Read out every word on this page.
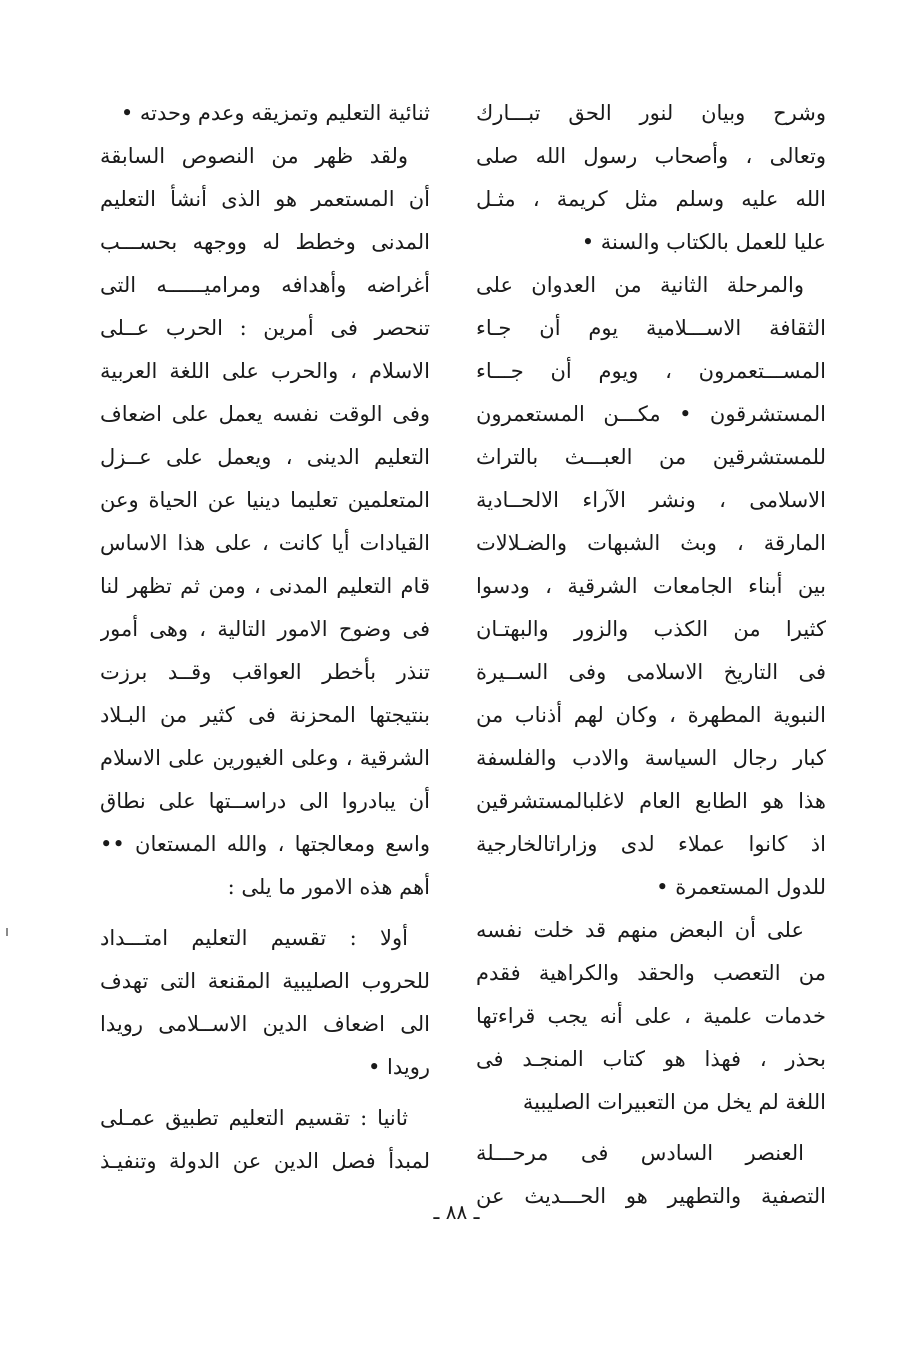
وشرح وبيان لنور الحق تبـــارك
وتعالى ، وأصحاب رسول الله صلى
الله عليه وسلم مثل كريمة ، مثـل
عليا للعمل بالكتاب والسنة •
والمرحلة الثانية من العدوان على
الثقافة الاســـلامية يوم أن جـاء
المســـتعمرون ، ويوم أن جـــاء
المستشرقون • مكـــن المستعمرون
للمستشرقين من العبـــث بالتراث
الاسلامى ، ونشر الآراء الالحــادية
المارقة ، وبث الشبهات والضـلالات
بين أبناء الجامعات الشرقية ، ودسوا
كثيرا من الكذب والزور والبهتـان
فى التاريخ الاسلامى وفى الســيرة
النبوية المطهرة ، وكان لهم أذناب من
كبار رجال السياسة والادب والفلسفة
هذا هو الطابع العام لاغلبالمستشرقين
اذ كانوا عملاء لدى وزاراتالخارجية
للدول المستعمرة •
على أن البعض منهم قد خلت نفسه
من التعصب والحقد والكراهية فقدم
خدمات علمية ، على أنه يجب قراءتها
بحذر ، فهذا هو كتاب المنجـد فى
اللغة لم يخل من التعبيرات الصليبية
العنصر السادس فى مرحـــلة
التصفية والتطهير هو الحـــديث عن
ثنائية التعليم وتمزيقه وعدم وحدته •
ولقد ظهر من النصوص السابقة
أن المستعمر هو الذى أنشأ التعليم
المدنى وخطط له ووجهه بحســـب
أغراضه وأهدافه ومراميــــــه التى
تنحصر فى أمرين : الحرب عــلى
الاسلام ، والحرب على اللغة العربية
وفى الوقت نفسه يعمل على اضعاف
التعليم الدينى ، ويعمل على عــزل
المتعلمين تعليما دينيا عن الحياة وعن
القيادات أيا كانت ، على هذا الاساس
قام التعليم المدنى ، ومن ثم تظهر لنا
فى وضوح الامور التالية ، وهى أمور
تنذر بأخطر العواقب وقــد برزت
بنتيجتها المحزنة فى كثير من البـلاد
الشرقية ، وعلى الغيورين على الاسلام
أن يبادروا الى دراســتها على نطاق
واسع ومعالجتها ، والله المستعان ••
أهم هذه الامور ما يلى :
أولا : تقسيم التعليم امتـــداد
للحروب الصليبية المقنعة التى تهدف
الى اضعاف الدين الاســلامى رويدا
رويدا •
ثانيا : تقسيم التعليم تطبيق عمـلى
لمبدأ فصل الدين عن الدولة وتنفيـذ
ـ ٨٨ ـ
